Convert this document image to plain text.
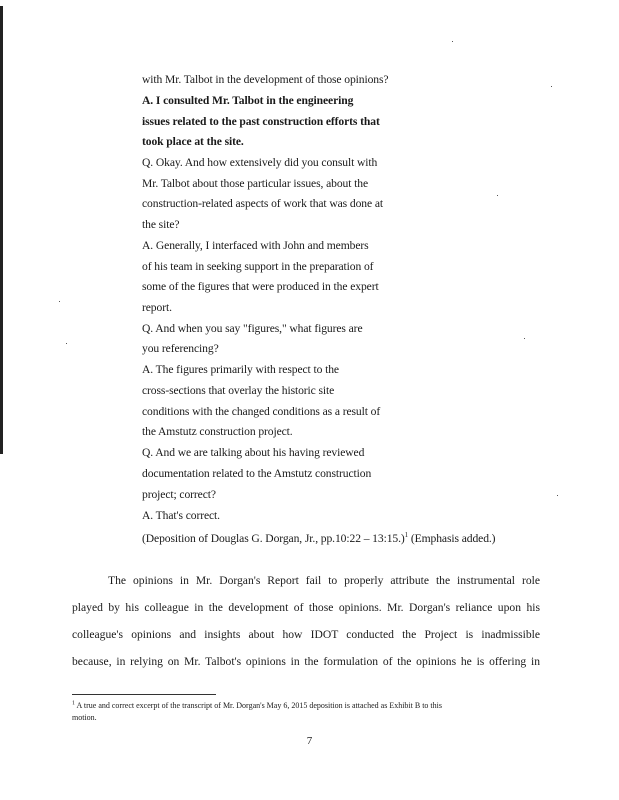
with Mr. Talbot in the development of those opinions?
A. I consulted Mr. Talbot in the engineering
issues related to the past construction efforts that
took place at the site.
Q. Okay. And how extensively did you consult with
Mr. Talbot about those particular issues, about the
construction-related aspects of work that was done at
the site?
A. Generally, I interfaced with John and members
of his team in seeking support in the preparation of
some of the figures that were produced in the expert
report.
Q. And when you say "figures," what figures are
you referencing?
A. The figures primarily with respect to the
cross-sections that overlay the historic site
conditions with the changed conditions as a result of
the Amstutz construction project.
Q. And we are talking about his having reviewed
documentation related to the Amstutz construction
project; correct?
A. That's correct.
(Deposition of Douglas G. Dorgan, Jr., pp.10:22 – 13:15.)$^1$ (Emphasis added.)
The opinions in Mr. Dorgan's Report fail to properly attribute the instrumental role
played by his colleague in the development of those opinions. Mr. Dorgan's reliance upon his
colleague's opinions and insights about how IDOT conducted the Project is inadmissible
because, in relying on Mr. Talbot's opinions in the formulation of the opinions he is offering in
$^1$ A true and correct excerpt of the transcript of Mr. Dorgan's May 6, 2015 deposition is attached as Exhibit B to this
motion.
7
